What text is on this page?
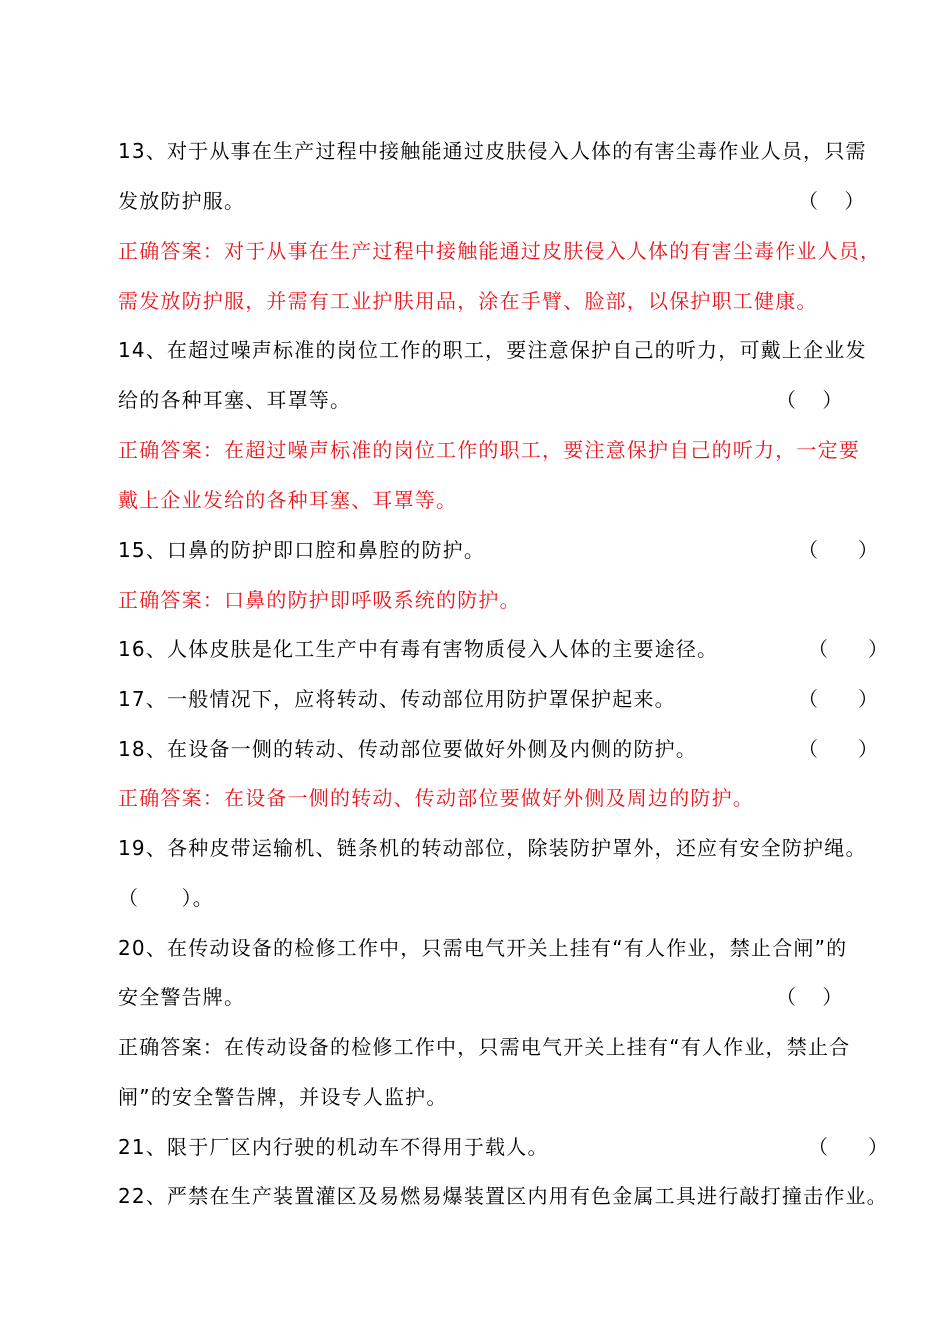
13、对于从事在生产过程中接触能通过皮肤侵入人体的有害尘毒作业人员，只需
发放防护服。	（　 ）
正确答案：对于从事在生产过程中接触能通过皮肤侵入人体的有害尘毒作业人员，
需发放防护服，并需有工业护肤用品，涂在手臂、脸部，以保护职工健康。
14、在超过噪声标准的岗位工作的职工，要注意保护自己的听力，可戴上企业发
给的各种耳塞、耳罩等。	（　 ）
正确答案：在超过噪声标准的岗位工作的职工，要注意保护自己的听力，一定要
戴上企业发给的各种耳塞、耳罩等。
15、口鼻的防护即口腔和鼻腔的防护。	（　　）
正确答案：口鼻的防护即呼吸系统的防护。
16、人体皮肤是化工生产中有毒有害物质侵入人体的主要途径。	（　　）
17、一般情况下，应将转动、传动部位用防护罩保护起来。	（　　）
18、在设备一侧的转动、传动部位要做好外侧及内侧的防护。	（　　）
正确答案：在设备一侧的转动、传动部位要做好外侧及周边的防护。
19、各种皮带运输机、链条机的转动部位，除装防护罩外，还应有安全防护绳。
（　　）。
20、在传动设备的检修工作中，只需电气开关上挂有“有人作业，禁止合闸”的
安全警告牌。	（　 ）
正确答案：在传动设备的检修工作中，只需电气开关上挂有“有人作业，禁止合
闸”的安全警告牌，并设专人监护。
21、限于厂区内行驶的机动车不得用于载人。	（　　）
22、严禁在生产装置灌区及易燃易爆装置区内用有色金属工具进行敲打撞击作业。
